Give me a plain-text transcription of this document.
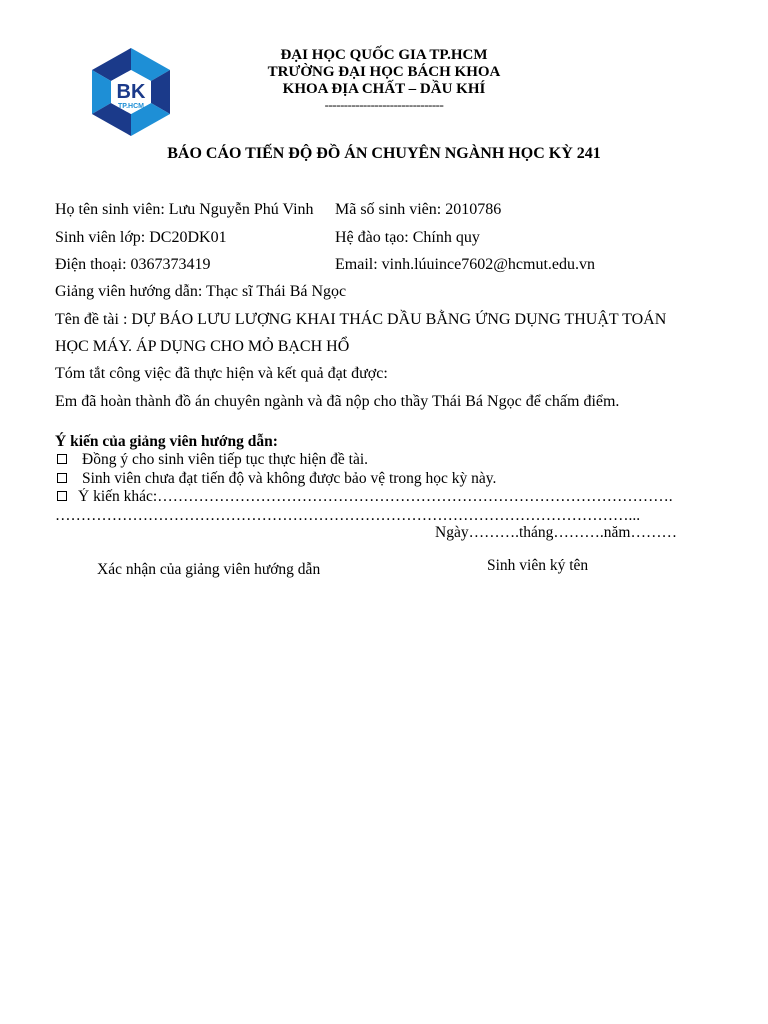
BK
TP.HCM
ĐẠI HỌC QUỐC GIA TP.HCM
TRƯỜNG ĐẠI HỌC BÁCH KHOA
KHOA ĐỊA CHẤT – DẦU KHÍ
-------------------------------
BÁO CÁO TIẾN ĐỘ ĐỒ ÁN CHUYÊN NGÀNH HỌC KỲ 241
Họ tên sinh viên: Lưu Nguyễn Phú Vinh Mã số sinh viên: 2010786
Sinh viên lớp: DC20DK01	Hệ đào tạo: Chính quy
Điện thoại: 0367373419	Email: vinh.lúuince7602@hcmut.edu.vn
Giảng viên hướng dẫn: Thạc sĩ Thái Bá Ngọc
Tên đề tài : DỰ BÁO LƯU LƯỢNG KHAI THÁC DẦU BẰNG ỨNG DỤNG THUẬT TOÁN
HỌC MÁY. ÁP DỤNG CHO MỎ BẠCH HỔ
Tóm tắt công việc đã thực hiện và kết quả đạt được:
Em đã hoàn thành đồ án chuyên ngành và đã nộp cho thầy Thái Bá Ngọc để chấm điểm.
Ý kiến của giảng viên hướng dẫn:
Đồng ý cho sinh viên tiếp tục thực hiện đề tài.
Sinh viên chưa đạt tiến độ và không được bảo vệ trong học kỳ này.
Ý kiến khác:……………………………………………………………………………………….
…………………………………………………………………………………………………...
Ngày……….tháng……….năm………
Xác nhận của giảng viên hướng dẫn	Sinh viên ký tên
